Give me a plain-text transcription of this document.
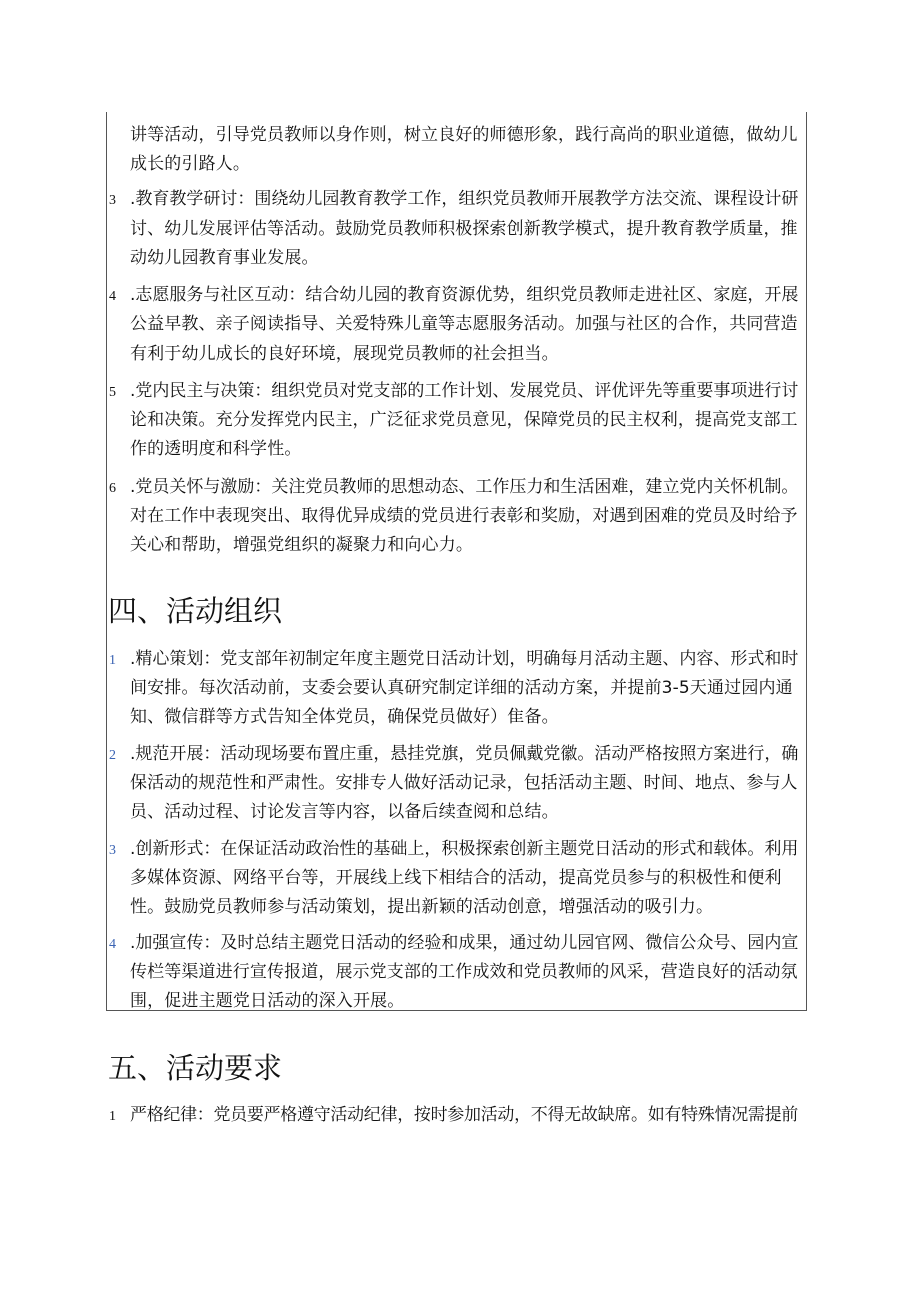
讲等活动，引导党员教师以身作则，树立良好的师德形象，践行高尚的职业道德，做幼儿
成长的引路人。
3 .教育教学研讨：围绕幼儿园教育教学工作，组织党员教师开展教学方法交流、课程设计研
讨、幼儿发展评估等活动。鼓励党员教师积极探索创新教学模式，提升教育教学质量，推
动幼儿园教育事业发展。
4 .志愿服务与社区互动：结合幼儿园的教育资源优势，组织党员教师走进社区、家庭，开展
公益早教、亲子阅读指导、关爱特殊儿童等志愿服务活动。加强与社区的合作，共同营造
有利于幼儿成长的良好环境，展现党员教师的社会担当。
5 .党内民主与决策：组织党员对党支部的工作计划、发展党员、评优评先等重要事项进行讨
论和决策。充分发挥党内民主，广泛征求党员意见，保障党员的民主权利，提高党支部工
作的透明度和科学性。
6 .党员关怀与激励：关注党员教师的思想动态、工作压力和生活困难，建立党内关怀机制。
对在工作中表现突出、取得优异成绩的党员进行表彰和奖励，对遇到困难的党员及时给予
关心和帮助，增强党组织的凝聚力和向心力。
四、活动组织
1 .精心策划：党支部年初制定年度主题党日活动计划，明确每月活动主题、内容、形式和时
间安排。每次活动前，支委会要认真研究制定详细的活动方案，并提前3-5天通过园内通
知、微信群等方式告知全体党员，确保党员做好）隹备。
2 .规范开展：活动现场要布置庄重，悬挂党旗，党员佩戴党徽。活动严格按照方案进行，确
保活动的规范性和严肃性。安排专人做好活动记录，包括活动主题、时间、地点、参与人
员、活动过程、讨论发言等内容，以备后续查阅和总结。
3 .创新形式：在保证活动政治性的基础上，积极探索创新主题党日活动的形式和载体。利用
多媒体资源、网络平台等，开展线上线下相结合的活动，提高党员参与的积极性和便利
性。鼓励党员教师参与活动策划，提出新颖的活动创意，增强活动的吸引力。
4 .加强宣传：及时总结主题党日活动的经验和成果，通过幼儿园官网、微信公众号、园内宣
传栏等渠道进行宣传报道，展示党支部的工作成效和党员教师的风采，营造良好的活动氛
围，促进主题党日活动的深入开展。
五、活动要求
1 严格纪律：党员要严格遵守活动纪律，按时参加活动，不得无故缺席。如有特殊情况需提前
